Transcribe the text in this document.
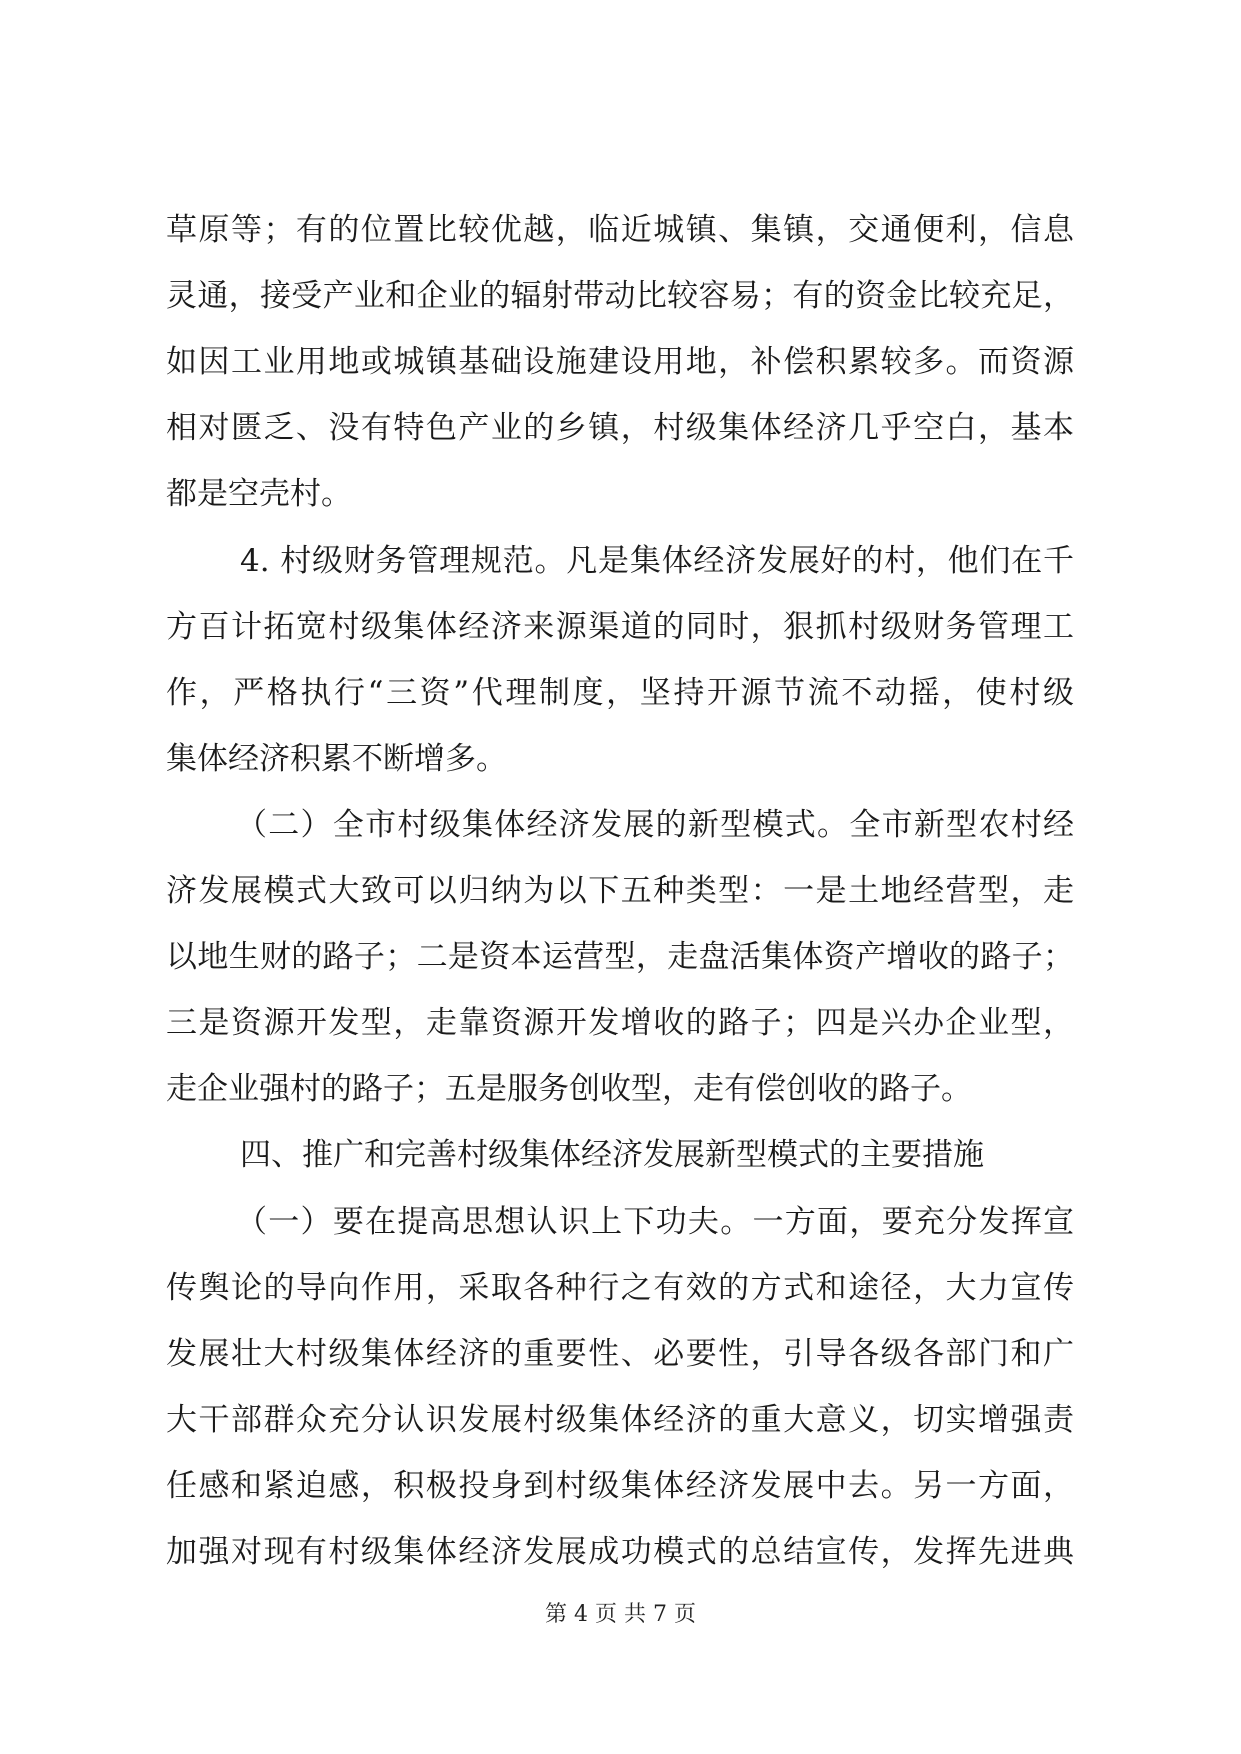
草原等；有的位置比较优越，临近城镇、集镇，交通便利，信息
灵通，接受产业和企业的辐射带动比较容易；有的资金比较充足，
如因工业用地或城镇基础设施建设用地，补偿积累较多。而资源
相对匮乏、没有特色产业的乡镇，村级集体经济几乎空白，基本
都是空壳村。
4. 村级财务管理规范。凡是集体经济发展好的村，他们在千
方百计拓宽村级集体经济来源渠道的同时，狠抓村级财务管理工
作，严格执行“三资”代理制度，坚持开源节流不动摇，使村级
集体经济积累不断增多。
（二）全市村级集体经济发展的新型模式。全市新型农村经
济发展模式大致可以归纳为以下五种类型：一是土地经营型，走
以地生财的路子；二是资本运营型，走盘活集体资产增收的路子；
三是资源开发型，走靠资源开发增收的路子；四是兴办企业型，
走企业强村的路子；五是服务创收型，走有偿创收的路子。
四、推广和完善村级集体经济发展新型模式的主要措施
（一）要在提高思想认识上下功夫。一方面，要充分发挥宣
传舆论的导向作用，采取各种行之有效的方式和途径，大力宣传
发展壮大村级集体经济的重要性、必要性，引导各级各部门和广
大干部群众充分认识发展村级集体经济的重大意义，切实增强责
任感和紧迫感，积极投身到村级集体经济发展中去。另一方面，
加强对现有村级集体经济发展成功模式的总结宣传，发挥先进典
第 4 页 共 7 页
